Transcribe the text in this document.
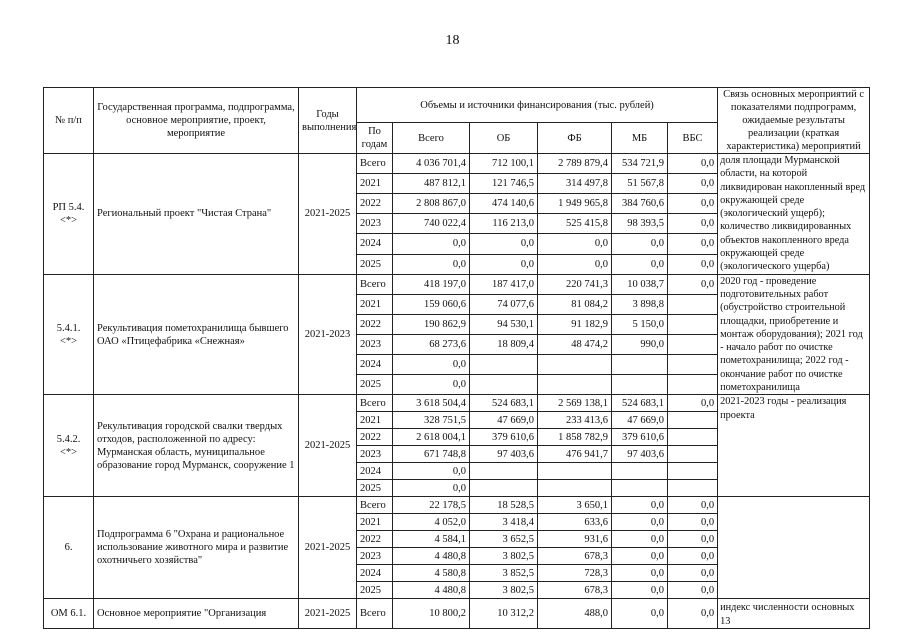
18
№ п/п	Государственная программа, подпрограмма, основное мероприятие, проект, мероприятие	Годы выполнения	Объемы и источники финансирования (тыс. рублей)						Связь основных мероприятий с показателями подпрограмм, ожидаемые результаты реализации (краткая характеристика) мероприятий
			По годам	Всего	ОБ	ФБ	МБ	ВБС	
РП 5.4. <*>	Региональный проект "Чистая Страна"	2021-2025	Всего	4 036 701,4	712 100,1	2 789 879,4	534 721,9	0,0	доля площади Мурманской области, на которой ликвидирован накопленный вред окружающей среде (экологический ущерб); количество ликвидированных объектов накопленного вреда окружающей среде (экологического ущерба)
			2021	487 812,1	121 746,5	314 497,8	51 567,8	0,0	
			2022	2 808 867,0	474 140,6	1 949 965,8	384 760,6	0,0	
			2023	740 022,4	116 213,0	525 415,8	98 393,5	0,0	
			2024	0,0	0,0	0,0	0,0	0,0	
			2025	0,0	0,0	0,0	0,0	0,0	
5.4.1. <*>	Рекультивация пометохранилища бывшего ОАО «Птицефабрика «Снежная»	2021-2023	Всего	418 197,0	187 417,0	220 741,3	10 038,7	0,0	2020 год - проведение подготовительных работ (обустройство строительной площадки, приобретение и монтаж оборудования); 2021 год - начало работ по очистке пометохранилища; 2022 год - окончание работ по очистке пометохранилища
			2021	159 060,6	74 077,6	81 084,2	3 898,8		
			2022	190 862,9	94 530,1	91 182,9	5 150,0		
			2023	68 273,6	18 809,4	48 474,2	990,0		
			2024	0,0					
			2025	0,0					
5.4.2. <*>	Рекультивация городской свалки твердых отходов, расположенной по адресу: Мурманская область, муниципальное образование город Мурманск, сооружение 1	2021-2025	Всего	3 618 504,4	524 683,1	2 569 138,1	524 683,1	0,0	2021-2023 годы - реализация проекта
			2021	328 751,5	47 669,0	233 413,6	47 669,0		
			2022	2 618 004,1	379 610,6	1 858 782,9	379 610,6		
			2023	671 748,8	97 403,6	476 941,7	97 403,6		
			2024	0,0					
			2025	0,0					
6.	Подпрограмма 6 "Охрана и рациональное использование животного мира и развитие охотничьего хозяйства"	2021-2025	Всего	22 178,5	18 528,5	3 650,1	0,0	0,0	
			2021	4 052,0	3 418,4	633,6	0,0	0,0	
			2022	4 584,1	3 652,5	931,6	0,0	0,0	
			2023	4 480,8	3 802,5	678,3	0,0	0,0	
			2024	4 580,8	3 852,5	728,3	0,0	0,0	
			2025	4 480,8	3 802,5	678,3	0,0	0,0	
ОМ 6.1.	Основное мероприятие "Организация	2021-2025	Всего	10 800,2	10 312,2	488,0	0,0	0,0	индекс численности основных 13
